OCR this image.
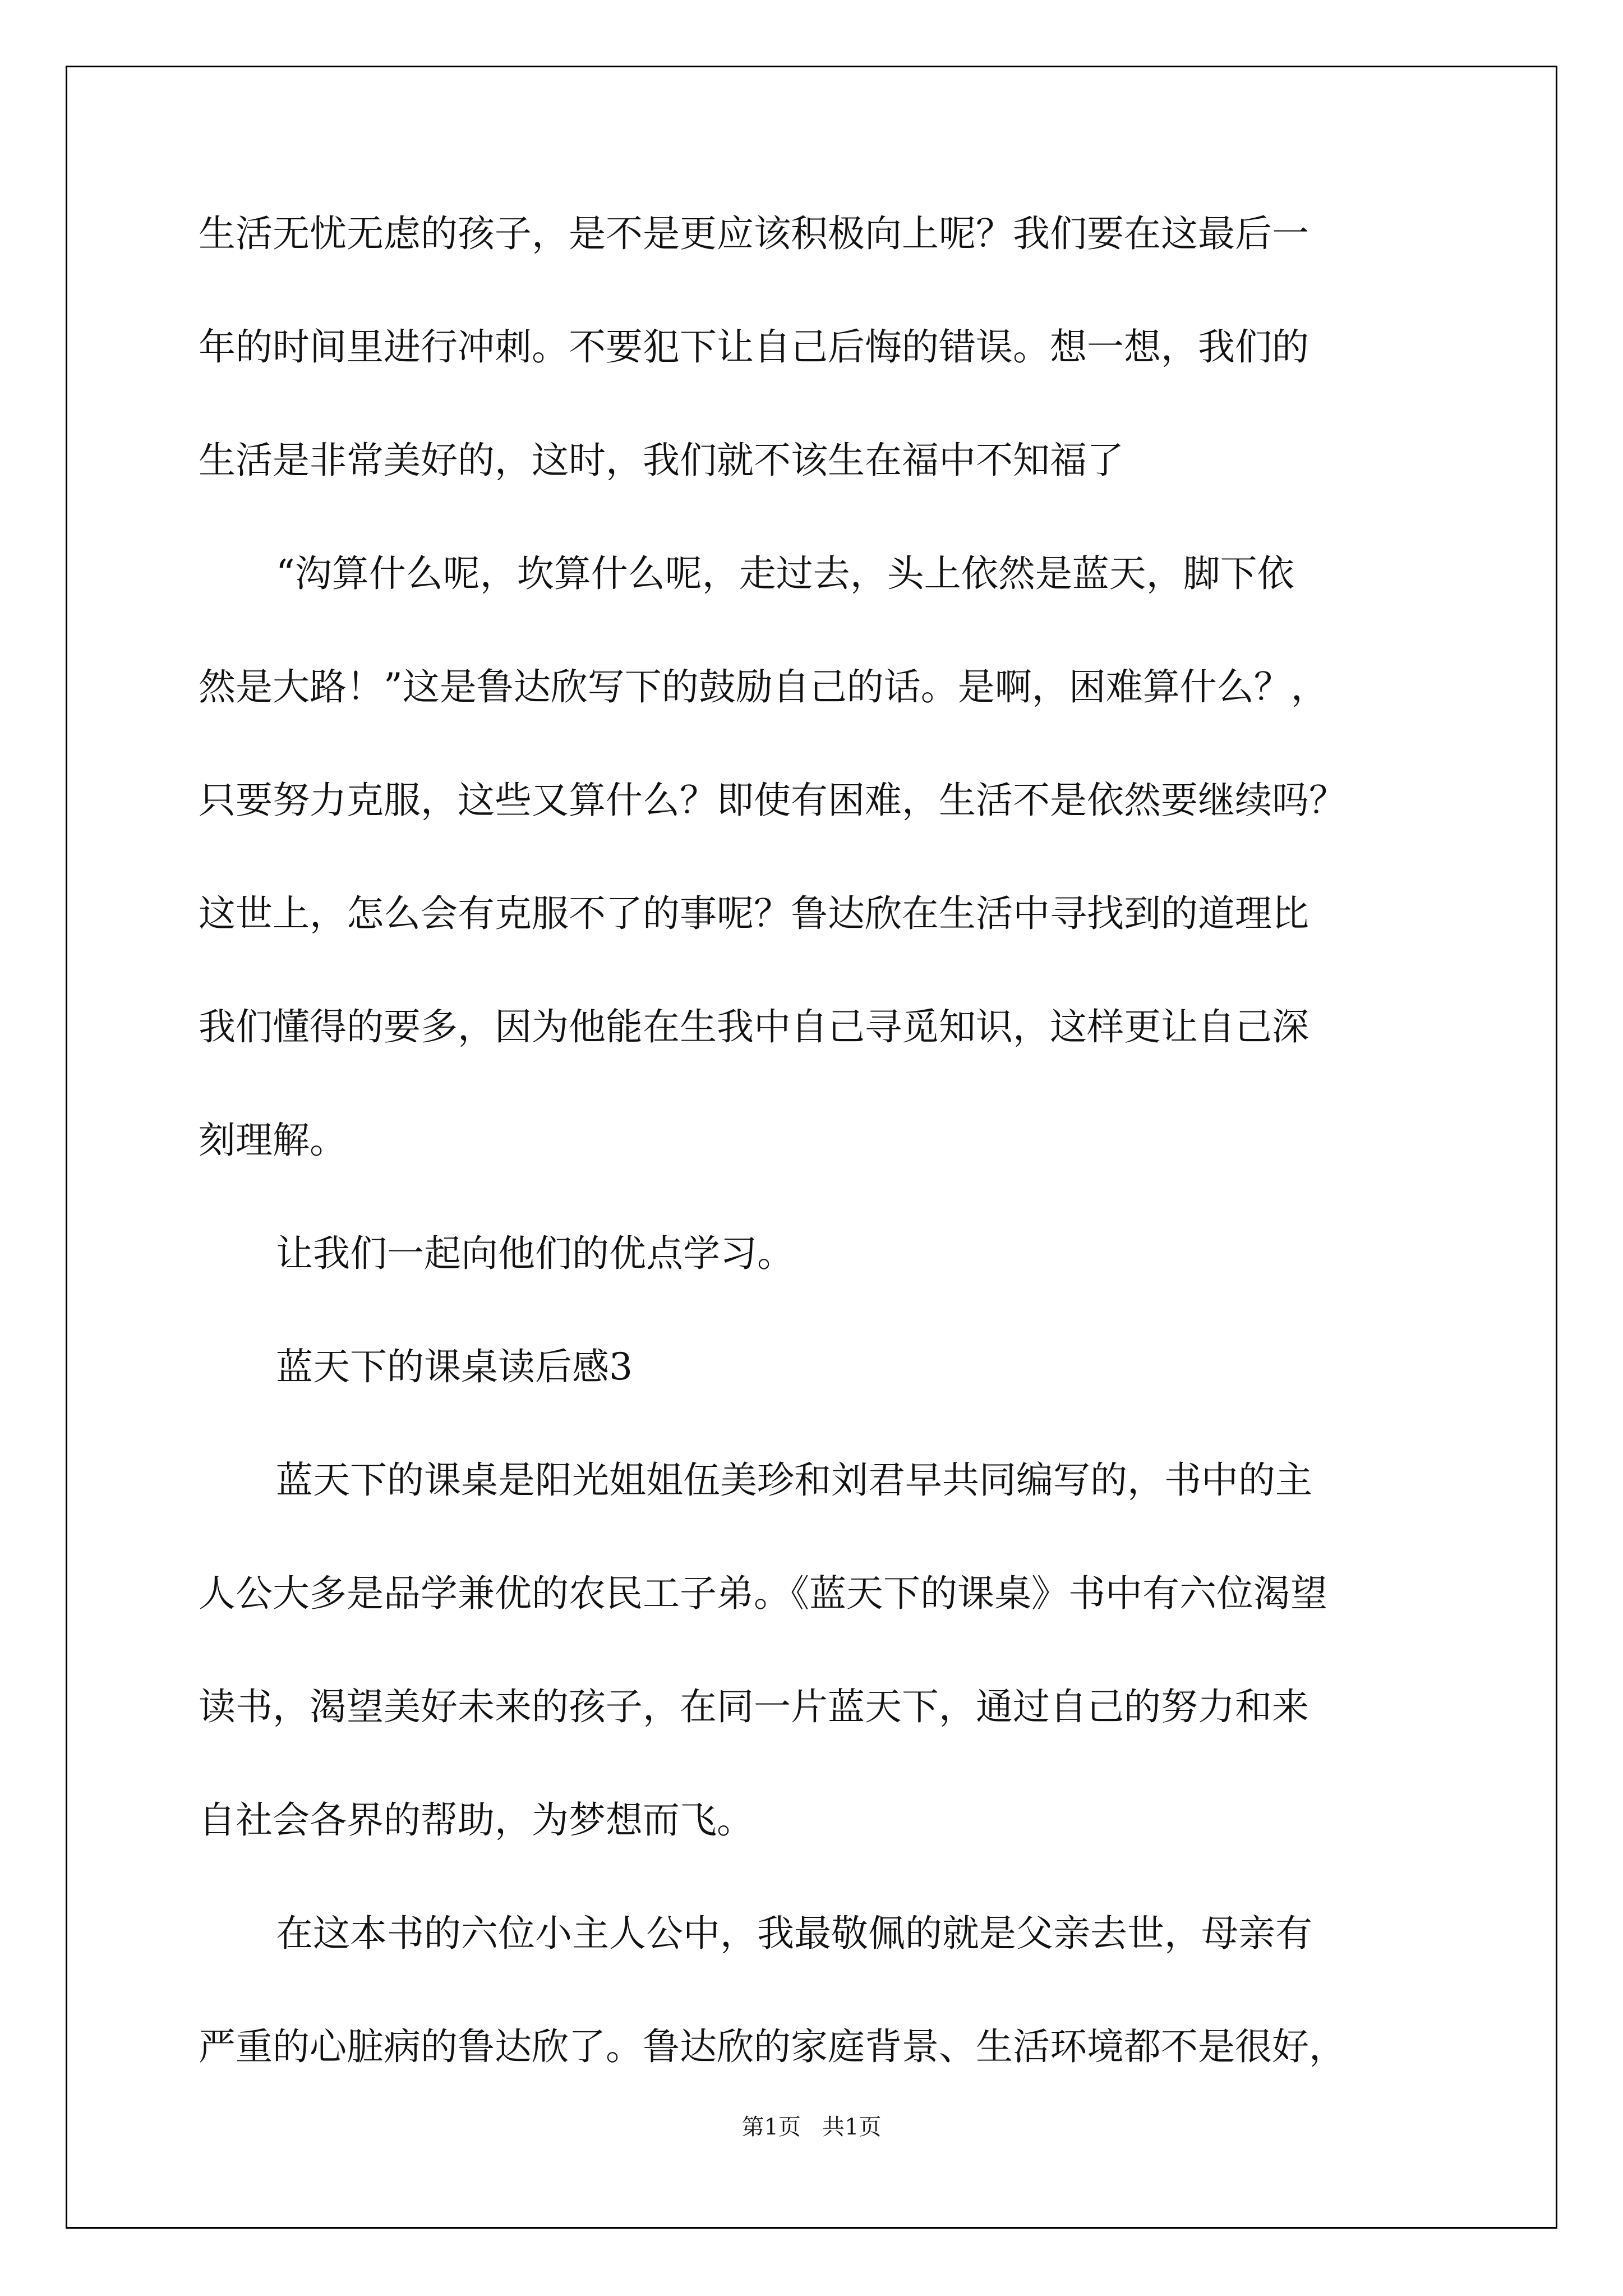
生活无忧无虑的孩子，是不是更应该积极向上呢？我们要在这最后一
年的时间里进行冲刺。不要犯下让自己后悔的错误。想一想，我们的
生活是非常美好的，这时，我们就不该生在福中不知福了
“沟算什么呢，坎算什么呢，走过去，头上依然是蓝天，脚下依
然是大路！”这是鲁达欣写下的鼓励自己的话。是啊，困难算什么？，
只要努力克服，这些又算什么？即使有困难，生活不是依然要继续吗？
这世上，怎么会有克服不了的事呢？鲁达欣在生活中寻找到的道理比
我们懂得的要多，因为他能在生我中自己寻觅知识，这样更让自己深
刻理解。
让我们一起向他们的优点学习。
蓝天下的课桌读后感3
蓝天下的课桌是阳光姐姐伍美珍和刘君早共同编写的，书中的主
人公大多是品学兼优的农民工子弟。《蓝天下的课桌》书中有六位渴望
读书，渴望美好未来的孩子，在同一片蓝天下，通过自己的努力和来
自社会各界的帮助，为梦想而飞。
在这本书的六位小主人公中，我最敬佩的就是父亲去世，母亲有
严重的心脏病的鲁达欣了。鲁达欣的家庭背景、生活环境都不是很好，
第1页   共1页
